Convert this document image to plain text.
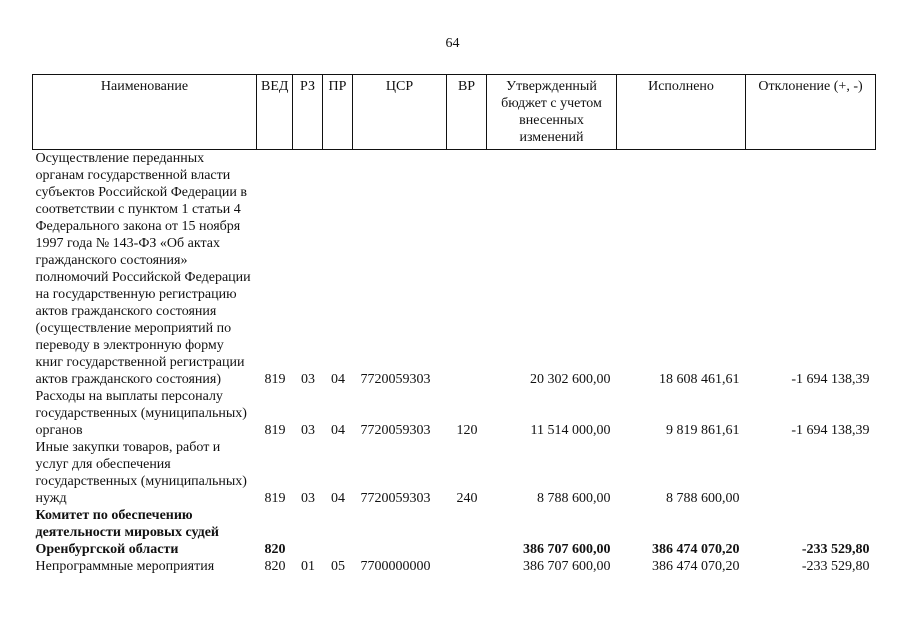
64
Наименование	ВЕД	РЗ	ПР	ЦСР	ВР	Утвержденный бюджет с учетом внесенных изменений	Исполнено	Отклонение (+, -)
Осуществление переданных органам государственной власти субъектов Российской Федерации в соответствии с пунктом 1 статьи 4 Федерального закона от 15 ноября 1997 года № 143-ФЗ «Об актах гражданского состояния» полномочий Российской Федерации на государственную регистрацию актов гражданского состояния (осуществление мероприятий по переводу в электронную форму книг государственной регистрации актов гражданского состояния)	819	03	04	7720059303		20 302 600,00	18 608 461,61	-1 694 138,39
Расходы на выплаты персоналу государственных (муниципальных) органов	819	03	04	7720059303	120	11 514 000,00	9 819 861,61	-1 694 138,39
Иные закупки товаров, работ и услуг для обеспечения государственных (муниципальных) нужд	819	03	04	7720059303	240	8 788 600,00	8 788 600,00	
Комитет по обеспечению деятельности мировых судей Оренбургской области	820					386 707 600,00	386 474 070,20	-233 529,80
Непрограммные мероприятия	820	01	05	7700000000		386 707 600,00	386 474 070,20	-233 529,80
